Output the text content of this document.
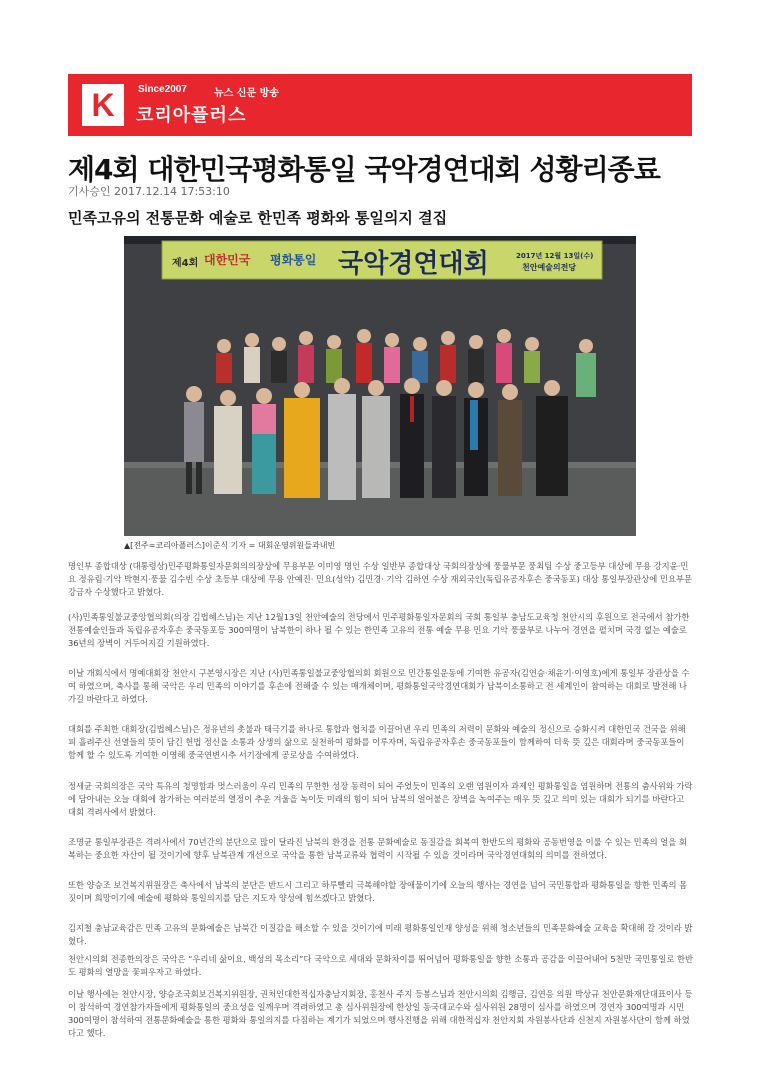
K	Since2007	뉴스 신문 방송
코리아플러스
제4회 대한민국평화통일 국악경연대회 성황리종료
기사승인 2017.12.14 17:53:10
민족고유의 전통문화 예술로 한민족 평화와 통일의지 결집
제4회 대한민국 평화통일 국악경연대회	2017년 12월 13일(수)
천안예술의전당
▲[전주=코리아플러스]이준식 기자 = 대회운영위원들과내빈

명인부 종합대상 (대통령상)민주평화통일자문회의의장상에 무용부문 이미영 명인 수상 일반부 종합대상 국회의장상에 풍물부문 풍최팀 수상 중고등부 대상에 무용 강지윤·민요 정유림·기악 박현지·풍물 김수빈 수상 초등부 대상에 무용 안예진· 민요(성악) 김민경· 기악 김하연 수상 재외국인(독립유공자후손 중국동포) 대상 통일부장관상에 민요부문 강금자 수상했다고 밝혔다.

(사)민족통일불교중앙협의회(의장 김법혜스님)는 지난 12월13일 천안예술의 전당에서 민주평화통일자문회의 국회 통일부 충남도교육청 천안시의 후원으로 전국에서 참가한 전통예술인들과 독립유공자후손 중국동포등 300여명이 남북한이 하나 될 수 있는 한민족 고유의 전통 예술 무용 민요 기악 풍물부로 나누어 경연을 펼치며 국경 없는 예술로 36년의 장벽이 거두어지길 기원하였다.

이날 개회식에서 명예대회장 천안시 구본영시장은 지난 (사)민족통일불교중앙협의회 회원으로 민간통일운동에 기여한 유공자(김연승·채윤기·이영호)에게 통일부 장관상을 수여 하였으며, 축사를 통해 국악은 우리 민족의 이야기를 후손에 전해줄 수 있는 매개체이며, 평화통일국악경연대회가 남북이소통하고 전 세계인이 참여하는 대회로 발전해 나가길 바란다고 하였다.

대회를 주최한 대회장(김법혜스님)은 정유년의 촛불과 태극기를 하나로 통합과 협치를 이끌어낸 우리 민족의 저력이 문화와 예술의 정신으로 승화시켜 대한민국 건국을 위해 피 흘려주신 선열들의 뜻이 담긴 헌법 정신을 소통과 상생의 삶으로 실천하여 평화를 이루자며, 독립유공자후손 중국동포들이 함께하여 더욱 뜻 깊은 대회라며 중국동포들이 함께 할 수 있도록 기여한 이영해 중국연변시추 서기장에게 공로상을 수여하였다.

정세균 국회의장은 국악 특유의 청명함과 멋스러움이 우리 민족의 무한한 성장 동력이 되어 주었듯이 민족의 오랜 염원이자 과제인 평화통일을 염원하며 전통의 춤사위와 가락에 담아내는 오늘 대회에 참가하는 여러분의 열정이 추운 겨울을 녹이듯 미래의 힘이 되어 남북의 얼어붙은 장벽을 녹여주는 매우 뜻 깊고 의미 있는 대회가 되기를 바란다고 대회 격려사에서 밝혔다.

조명균 통일부장관은 격려사에서 70년간의 분단으로 많이 달라진 남북의 환경을 전통 문화예술로 동질감을 회복여 한반도의 평화와 공동번영을 이룰 수 있는 민족의 얼을 회복하는 중요한 자산이 될 것이기에 향후 남북관계 개선으로 국악을 통한 남북교류와 협력이 시작될 수 있을 것이라며 국악경연대회의 의미를 전하였다.

또한 양승조 보건복지위원장은 축사에서 남북의 분단은 반드시 그리고 하루빨리 극복해야할 장애물이기에 오늘의 행사는 경연을 넘어 국민통합과 평화통일을 향한 민족의 몸짓이며 희망이기에 예술에 평화와 통일의지를 담은 지도자 양성에 힘쓰겠다고 밝혔다.

김지철 충남교육감은 민족 고유의 문화예술은 남북간 이질감을 해소할 수 있을 것이기에 미래 평화통일인재 양성을 위해 청소년들의 민족문화예술 교육을 확대해 갈 것이라 밝혔다.

천안시의회 전종한의장은 국악은 “우리네 삶이요, 백성의 목소리”다 국악으로 세대와 문화차이를 뛰어넘어 평화통일을 향한 소통과 공감을 이끌어내어 5천만 국민통일로 한반도 평화의 열망을 꽃피우자고 하였다.

이날 행사에는 천안시장, 양승조국회보건복지위원장, 권처인대한적십자충남지회장, 홍천사 주지 등봉스님과 천안시의회 김행금, 김연응 의원 박상규 천안문화재단대표이사 등이 참석하여 경연참가자들에게 평화통일의 중요성을 일깨우며 격려하였고 총 심사위원장에 한상일 동국대교수와 심사위원 28명이 심사를 하였으며 경연자 300여명과 시민 300여명이 참석하여 전통문화예술을 통한 평화와 통일의지를 다짐하는 계기가 되었으며 행사진행을 위해 대한적십자 천안지회 자원봉사단과 신천지 자원봉사단이 함께 하였다고 했다.
